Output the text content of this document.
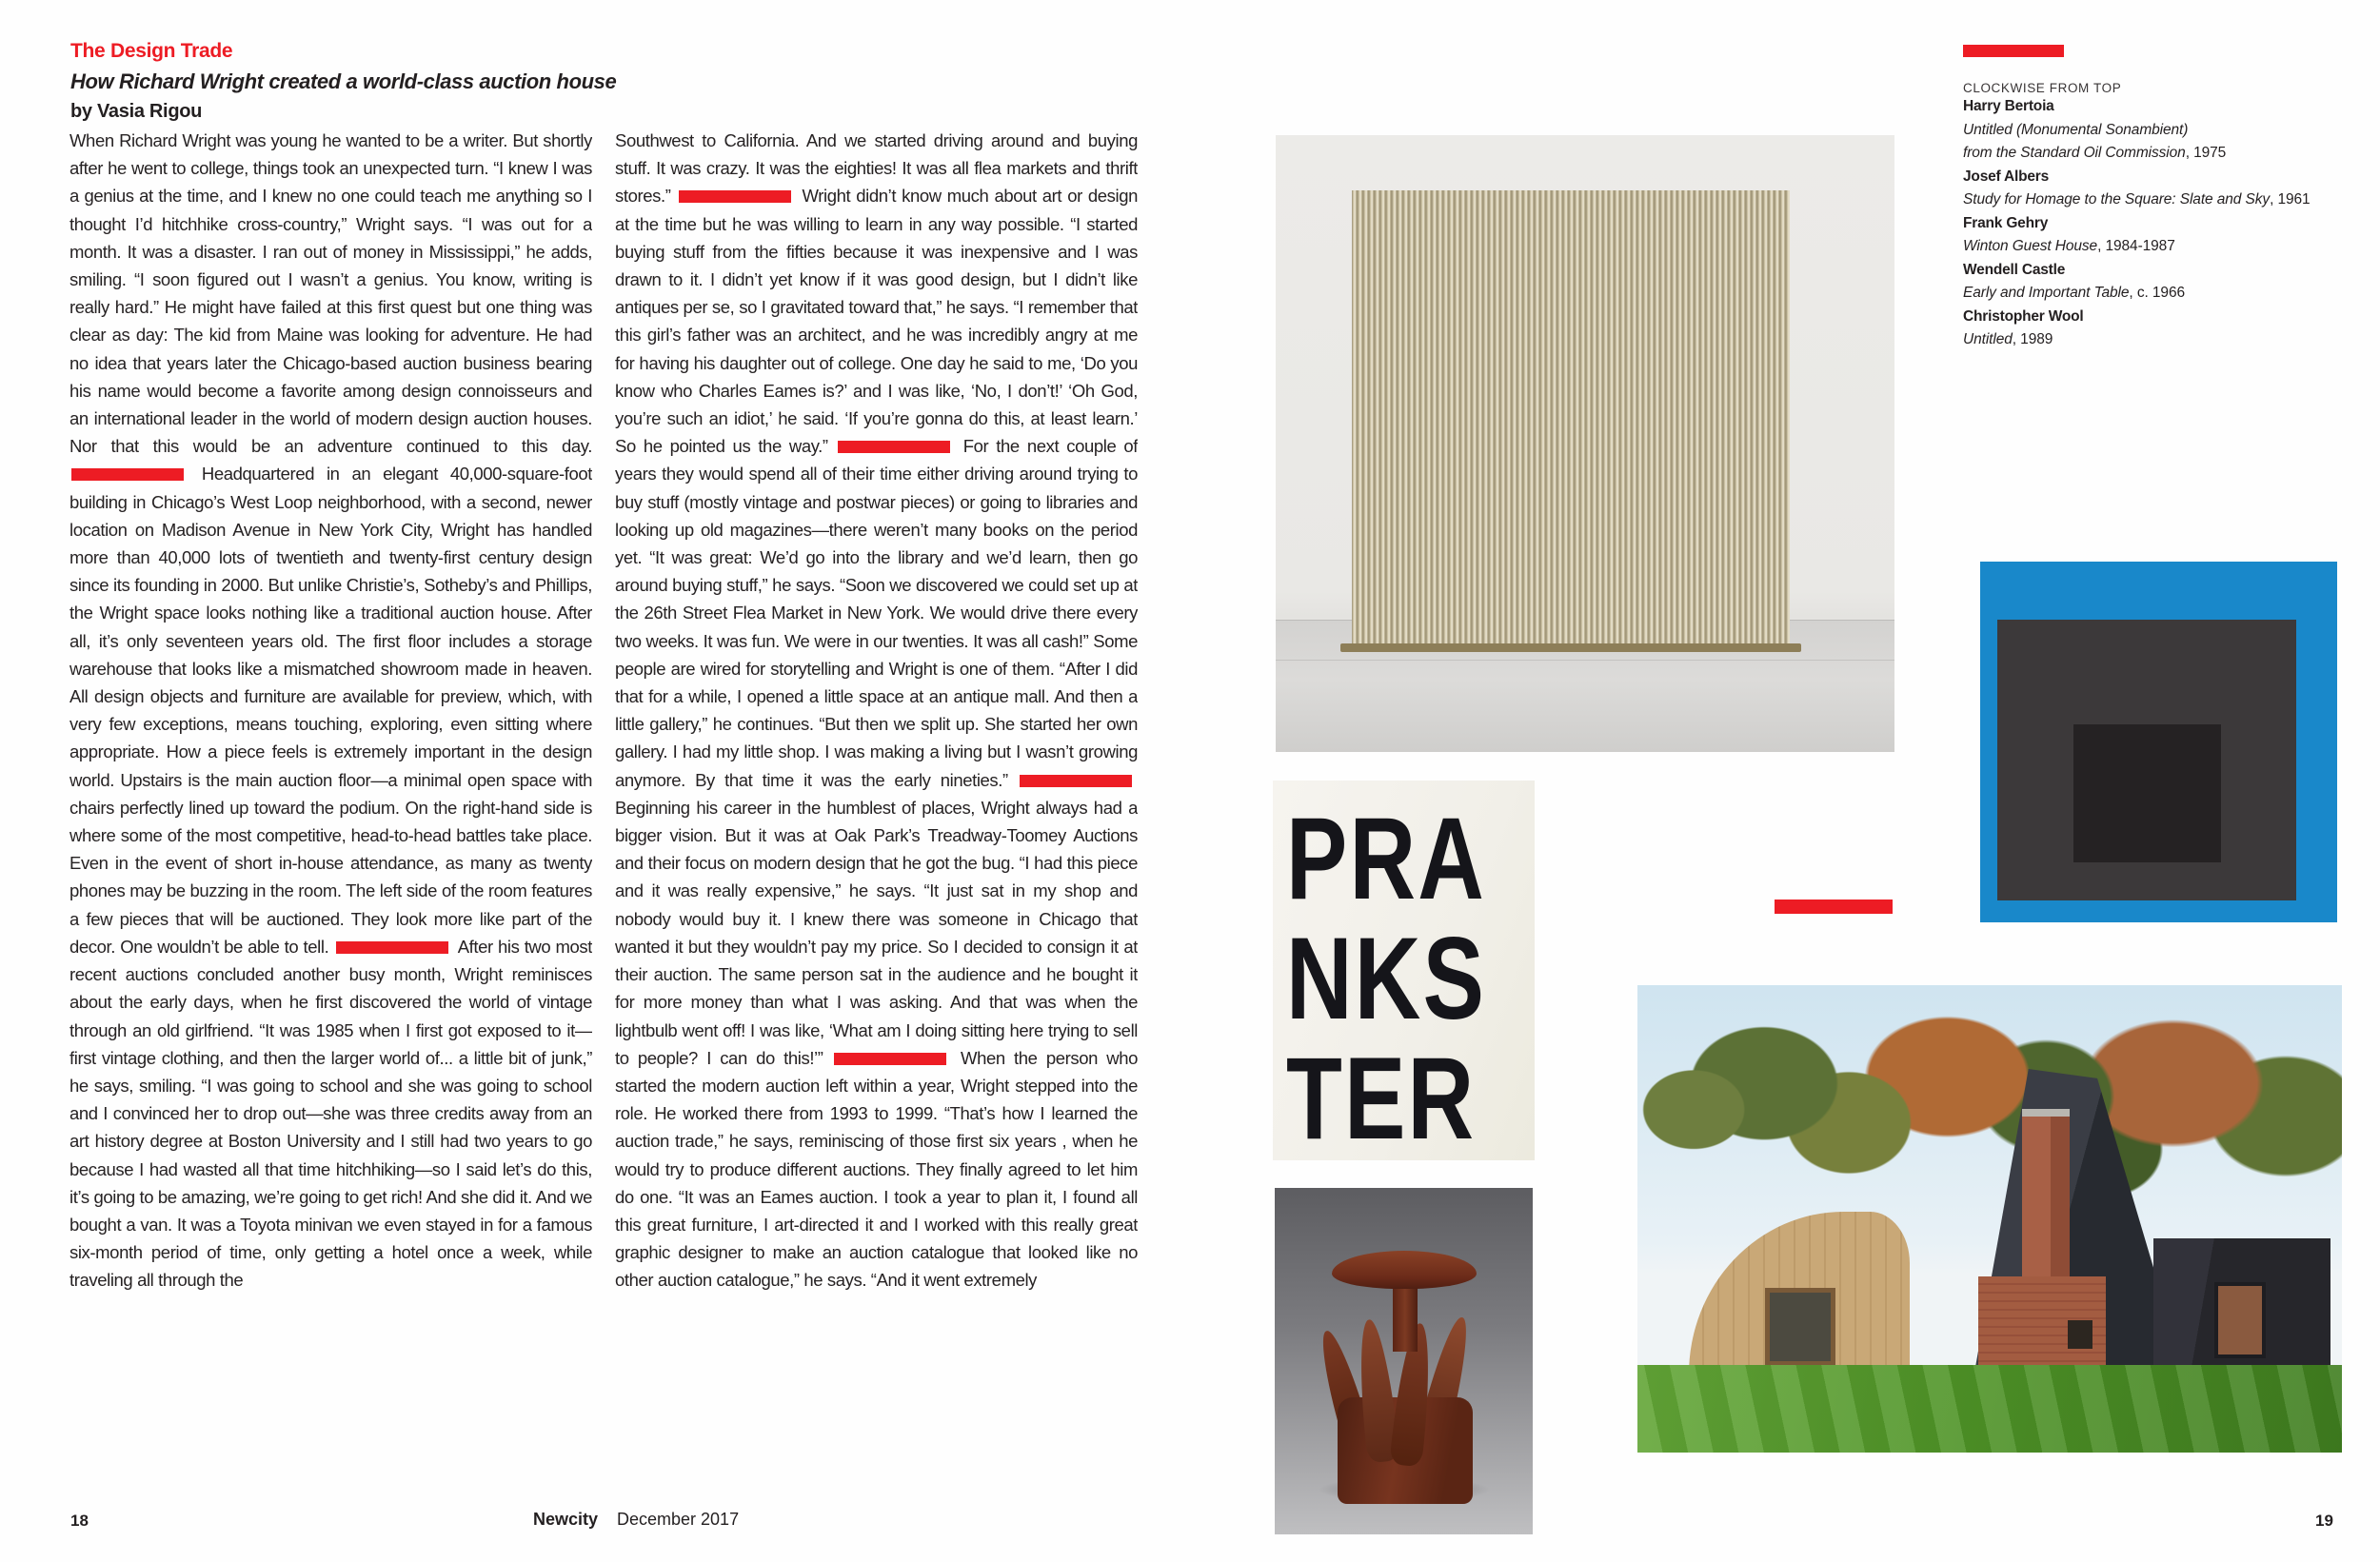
The Design Trade
How Richard Wright created a world-class auction house
by Vasia Rigou
When Richard Wright was young he wanted to be a writer. But shortly after he went to college, things took an unexpected turn. “I knew I was a genius at the time, and I knew no one could teach me anything so I thought I’d hitchhike cross-country,” Wright says. “I was out for a month. It was a disaster. I ran out of money in Mississippi,” he adds, smiling. “I soon figured out I wasn’t a genius. You know, writing is really hard.” He might have failed at this first quest but one thing was clear as day: The kid from Maine was looking for adventure. He had no idea that years later the Chicago-based auction business bearing his name would become a favorite among design connoisseurs and an international leader in the world of modern design auction houses. Nor that this would be an adventure continued to this day.  Headquartered in an elegant 40,000-square-foot building in Chicago’s West Loop neighborhood, with a second, newer location on Madison Avenue in New York City, Wright has handled more than 40,000 lots of twentieth and twenty-first century design since its founding in 2000. But unlike Christie’s, Sotheby’s and Phillips, the Wright space looks nothing like a traditional auction house. After all, it’s only seventeen years old. The first floor includes a storage warehouse that looks like a mismatched showroom made in heaven. All design objects and furniture are available for preview, which, with very few exceptions, means touching, exploring, even sitting where appropriate. How a piece feels is extremely important in the design world. Upstairs is the main auction floor—a minimal open space with chairs perfectly lined up toward the podium. On the right-hand side is where some of the most competitive, head-to-head battles take place. Even in the event of short in-house attendance, as many as twenty phones may be buzzing in the room. The left side of the room features a few pieces that will be auctioned. They look more like part of the decor. One wouldn’t be able to tell.	After his two most recent auctions concluded another busy month, Wright reminisces about the early days, when he first discovered the world of vintage through an old girlfriend. “It was 1985 when I first got exposed to it—first vintage clothing, and then the larger world of... a little bit of junk,” he says, smiling. “I was going to school and she was going to school and I convinced her to drop out—she was three credits away from an art history degree at Boston University and I still had two years to go because I had wasted all that time hitchhiking—so I said let’s do this, it’s going to be amazing, we’re going to get rich! And she did it. And we bought a van. It was a Toyota minivan we even stayed in for a famous six-month period of time, only getting a hotel once a week, while traveling all through the
Southwest to California. And we started driving around and buying stuff. It was crazy. It was the eighties! It was all flea markets and thrift stores.”	Wright didn’t know much about art or design at the time but he was willing to learn in any way possible. “I started buying stuff from the fifties because it was inexpensive and I was drawn to it. I didn’t yet know if it was good design, but I didn’t like antiques per se, so I gravitated toward that,” he says. “I remember that this girl’s father was an architect, and he was incredibly angry at me for having his daughter out of college. One day he said to me, ‘Do you know who Charles Eames is?’ and I was like, ‘No, I don’t!’ ‘Oh God, you’re such an idiot,’ he said. ‘If you’re gonna do this, at least learn.’ So he pointed us the way.”	For the next couple of years they would spend all of their time either driving around trying to buy stuff (mostly vintage and postwar pieces) or going to libraries and looking up old magazines—there weren’t many books on the period yet. “It was great: We’d go into the library and we’d learn, then go around buying stuff,” he says. “Soon we discovered we could set up at the 26th Street Flea Market in New York. We would drive there every two weeks. It was fun. We were in our twenties. It was all cash!” Some people are wired for storytelling and Wright is one of them. “After I did that for a while, I opened a little space at an antique mall. And then a little gallery,” he continues. “But then we split up. She started her own gallery. I had my little shop. I was making a living but I wasn’t growing anymore. By that time it was the early nineties.”  Beginning his career in the humblest of places, Wright always had a bigger vision. But it was at Oak Park’s Treadway-Toomey Auctions and their focus on modern design that he got the bug. “I had this piece and it was really expensive,” he says. “It just sat in my shop and nobody would buy it. I knew there was someone in Chicago that wanted it but they wouldn’t pay my price. So I decided to consign it at their auction. The same person sat in the audience and he bought it for more money than what I was asking. And that was when the lightbulb went off! I was like, ‘What am I doing sitting here trying to sell to people? I can do this!’”	When the person who started the modern auction left within a year, Wright stepped into the role. He worked there from 1993 to 1999. “That’s how I learned the auction trade,” he says, reminiscing of those first six years , when he would try to produce different auctions. They finally agreed to let him do one. “It was an Eames auction. I took a year to plan it, I found all this great furniture, I art-directed it and I worked with this really great graphic designer to make an auction catalogue that looked like no other auction catalogue,” he says. “And it went extremely
CLOCKWISE FROM TOP
Harry Bertoia
Untitled (Monumental Sonambient)
from the Standard Oil Commission, 1975
Josef Albers
Study for Homage to the Square: Slate and Sky, 1961
Frank Gehry
Winton Guest House, 1984-1987
Wendell Castle
Early and Important Table, c. 1966
Christopher Wool
Untitled, 1989
PRA
NKS
TER
18	Newcity December 2017	19
